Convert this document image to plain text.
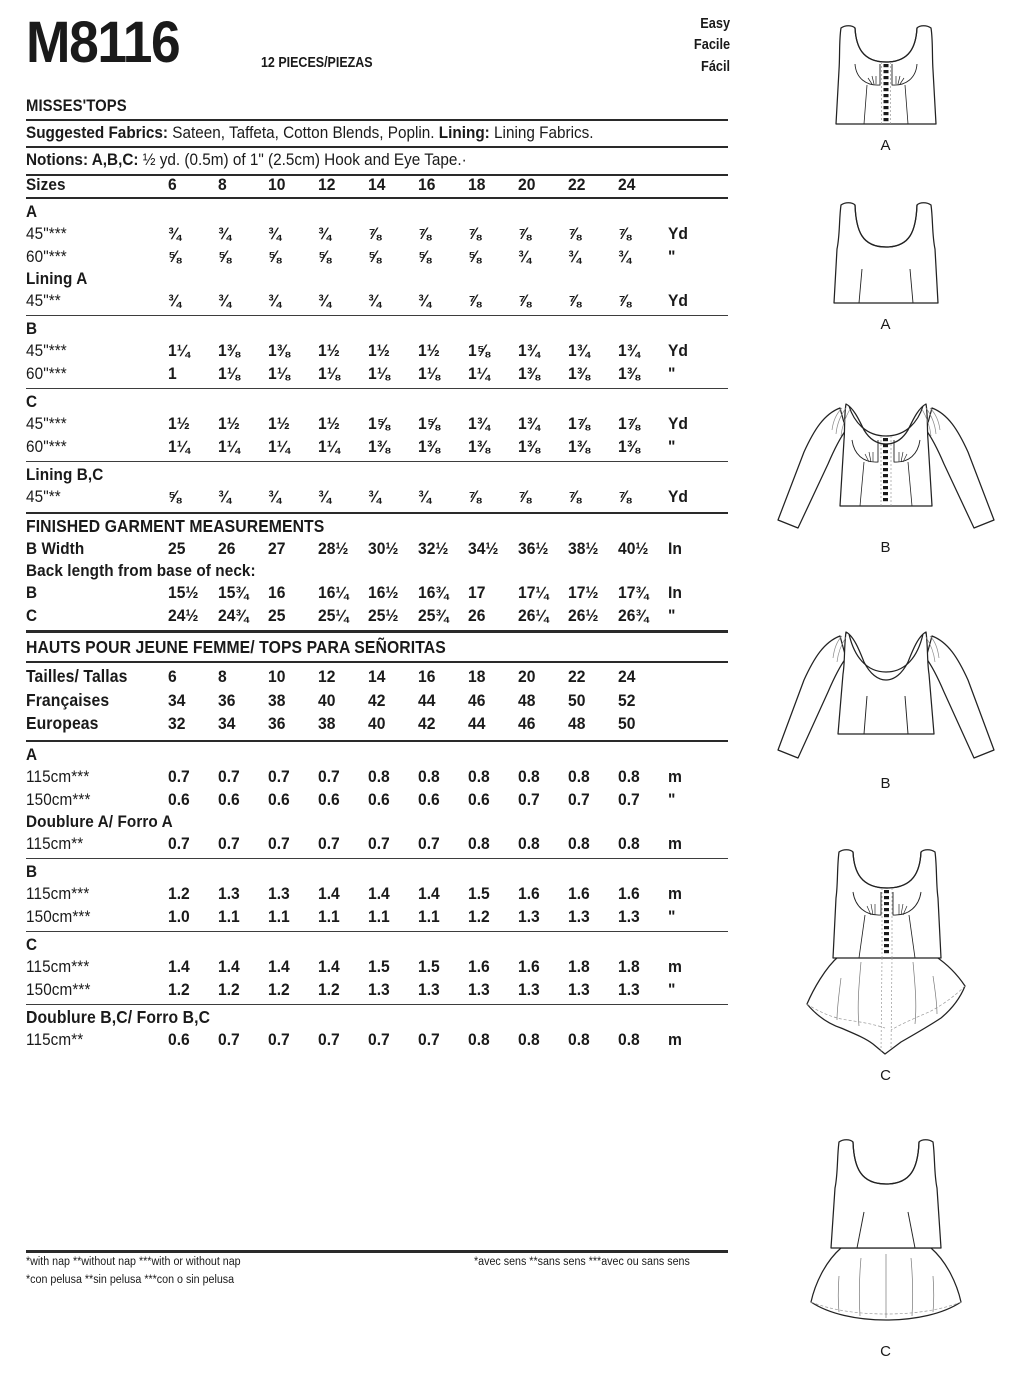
M8116	12 PIECES/PIEZAS
Easy
Facile
Fácil
MISSES'TOPS
Suggested Fabrics: Sateen, Taffeta, Cotton Blends, Poplin. Lining: Lining Fabrics.
Notions: A,B,C: ½ yd. (0.5m) of 1" (2.5cm) Hook and Eye Tape.·
Sizes	6	8	10	12	14	16	18	20	22	24	
A											
45"***	¾	¾	¾	¾	⅞	⅞	⅞	⅞	⅞	⅞	Yd
60"***	⅝	⅝	⅝	⅝	⅝	⅝	⅝	¾	¾	¾	"
Lining A											
45"**	¾	¾	¾	¾	¾	¾	⅞	⅞	⅞	⅞	Yd
B											
45"***	1¼	1⅜	1⅜	1½	1½	1½	1⅝	1¾	1¾	1¾	Yd
60"***	1	1⅛	1⅛	1⅛	1⅛	1⅛	1¼	1⅜	1⅜	1⅜	"
C											
45"***	1½	1½	1½	1½	1⅝	1⅝	1¾	1¾	1⅞	1⅞	Yd
60"***	1¼	1¼	1¼	1¼	1⅜	1⅜	1⅜	1⅜	1⅜	1⅜	"
Lining B,C
45"**	⅝	¾	¾	¾	¾	¾	⅞	⅞	⅞	⅞	Yd
FINISHED GARMENT MEASUREMENTS											
B Width	25	26	27	28½	30½	32½	34½	36½	38½	40½	In
Back length from base of neck:											
B	15½	15¾	16	16¼	16½	16¾	17	17¼	17½	17¾	In
C	24½	24¾	25	25¼	25½	25¾	26	26¼	26½	26¾	"
HAUTS POUR JEUNE FEMME/ TOPS PARA SEÑORITAS
Tailles/ Tallas	6	8	10	12	14	16	18	20	22	24	
Françaises	34	36	38	40	42	44	46	48	50	52	
Europeas	32	34	36	38	40	42	44	46	48	50	
A											
115cm***	0.7	0.7	0.7	0.7	0.8	0.8	0.8	0.8	0.8	0.8	m
150cm***	0.6	0.6	0.6	0.6	0.6	0.6	0.6	0.7	0.7	0.7	"
Doublure A/ Forro A											
115cm**	0.7	0.7	0.7	0.7	0.7	0.7	0.8	0.8	0.8	0.8	m
B											
115cm***	1.2	1.3	1.3	1.4	1.4	1.4	1.5	1.6	1.6	1.6	m
150cm***	1.0	1.1	1.1	1.1	1.1	1.1	1.2	1.3	1.3	1.3	"
C											
115cm***	1.4	1.4	1.4	1.4	1.5	1.5	1.6	1.6	1.8	1.8	m
150cm***	1.2	1.2	1.2	1.2	1.3	1.3	1.3	1.3	1.3	1.3	"
Doublure B,C/ Forro B,C
115cm**	0.6	0.7	0.7	0.7	0.7	0.7	0.8	0.8	0.8	0.8	m
*with nap **without nap ***with or without nap
*con pelusa **sin pelusa ***con o sin pelusa
*avec sens **sans sens ***avec ou sans sens
A
A
B
B
C
C
